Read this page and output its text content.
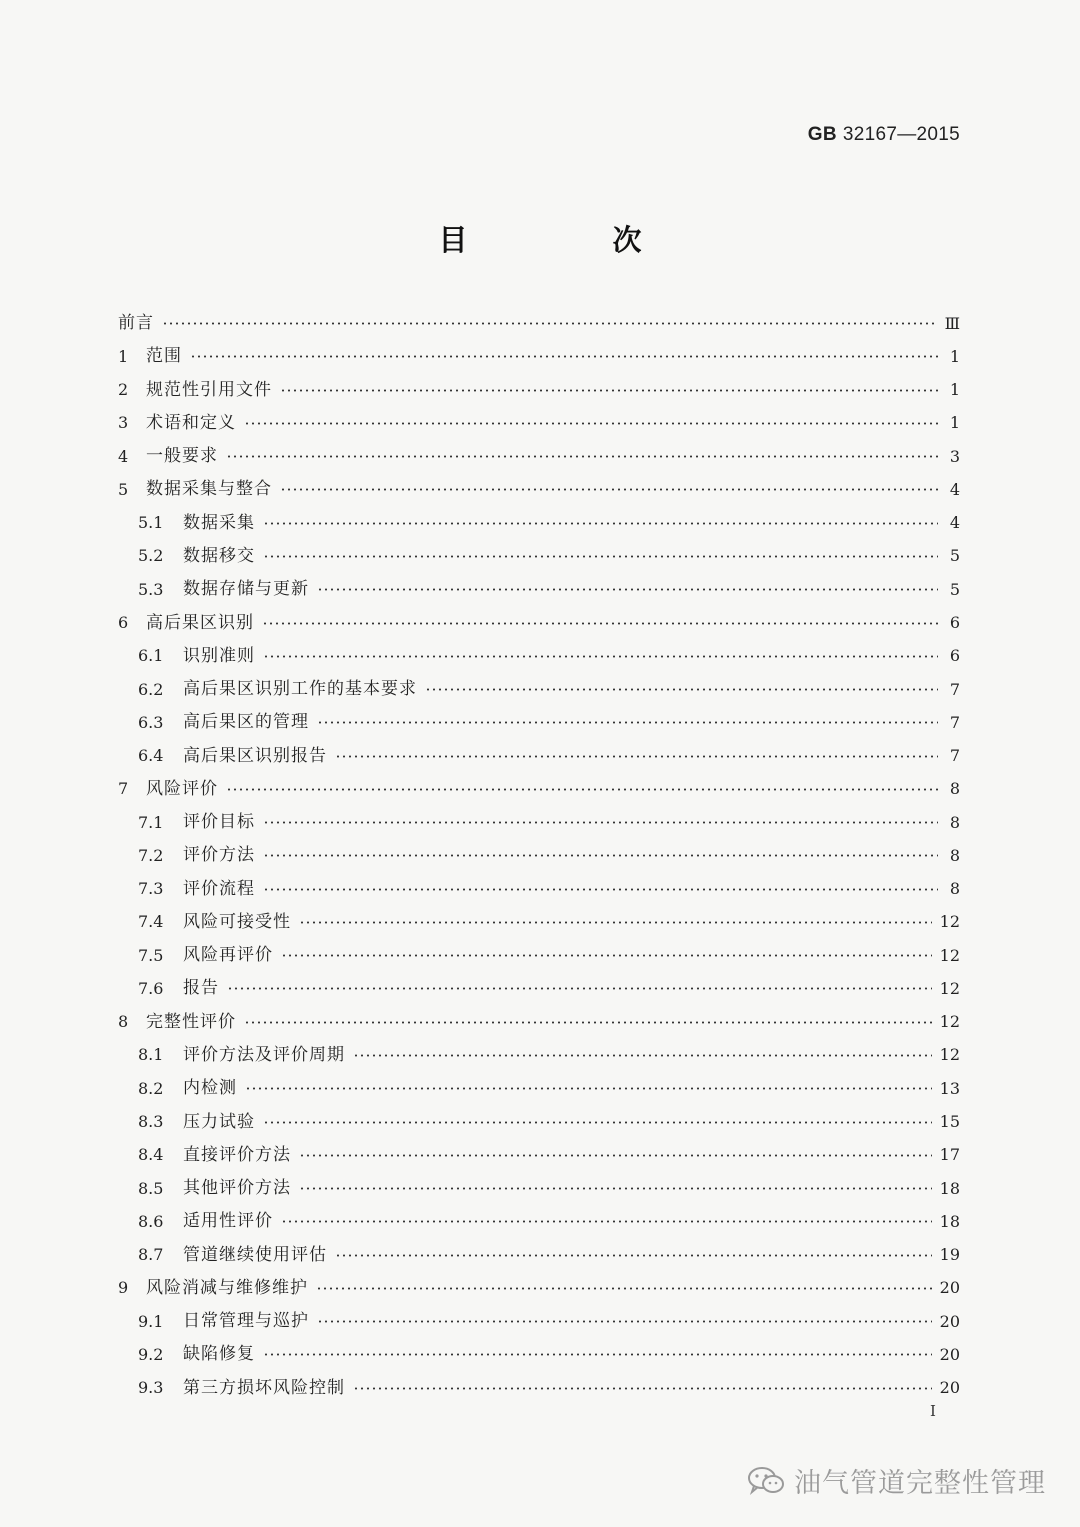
GB 32167—2015
目　次
前言	Ⅲ
1	范围	1
2	规范性引用文件	1
3	术语和定义	1
4	一般要求	3
5	数据采集与整合	4
5.1	数据采集	4
5.2	数据移交	5
5.3	数据存储与更新	5
6	高后果区识别	6
6.1	识别准则	6
6.2	高后果区识别工作的基本要求	7
6.3	高后果区的管理	7
6.4	高后果区识别报告	7
7	风险评价	8
7.1	评价目标	8
7.2	评价方法	8
7.3	评价流程	8
7.4	风险可接受性	12
7.5	风险再评价	12
7.6	报告	12
8	完整性评价	12
8.1	评价方法及评价周期	12
8.2	内检测	13
8.3	压力试验	15
8.4	直接评价方法	17
8.5	其他评价方法	18
8.6	适用性评价	18
8.7	管道继续使用评估	19
9	风险消减与维修维护	20
9.1	日常管理与巡护	20
9.2	缺陷修复	20
9.3	第三方损坏风险控制	20
I
油气管道完整性管理
